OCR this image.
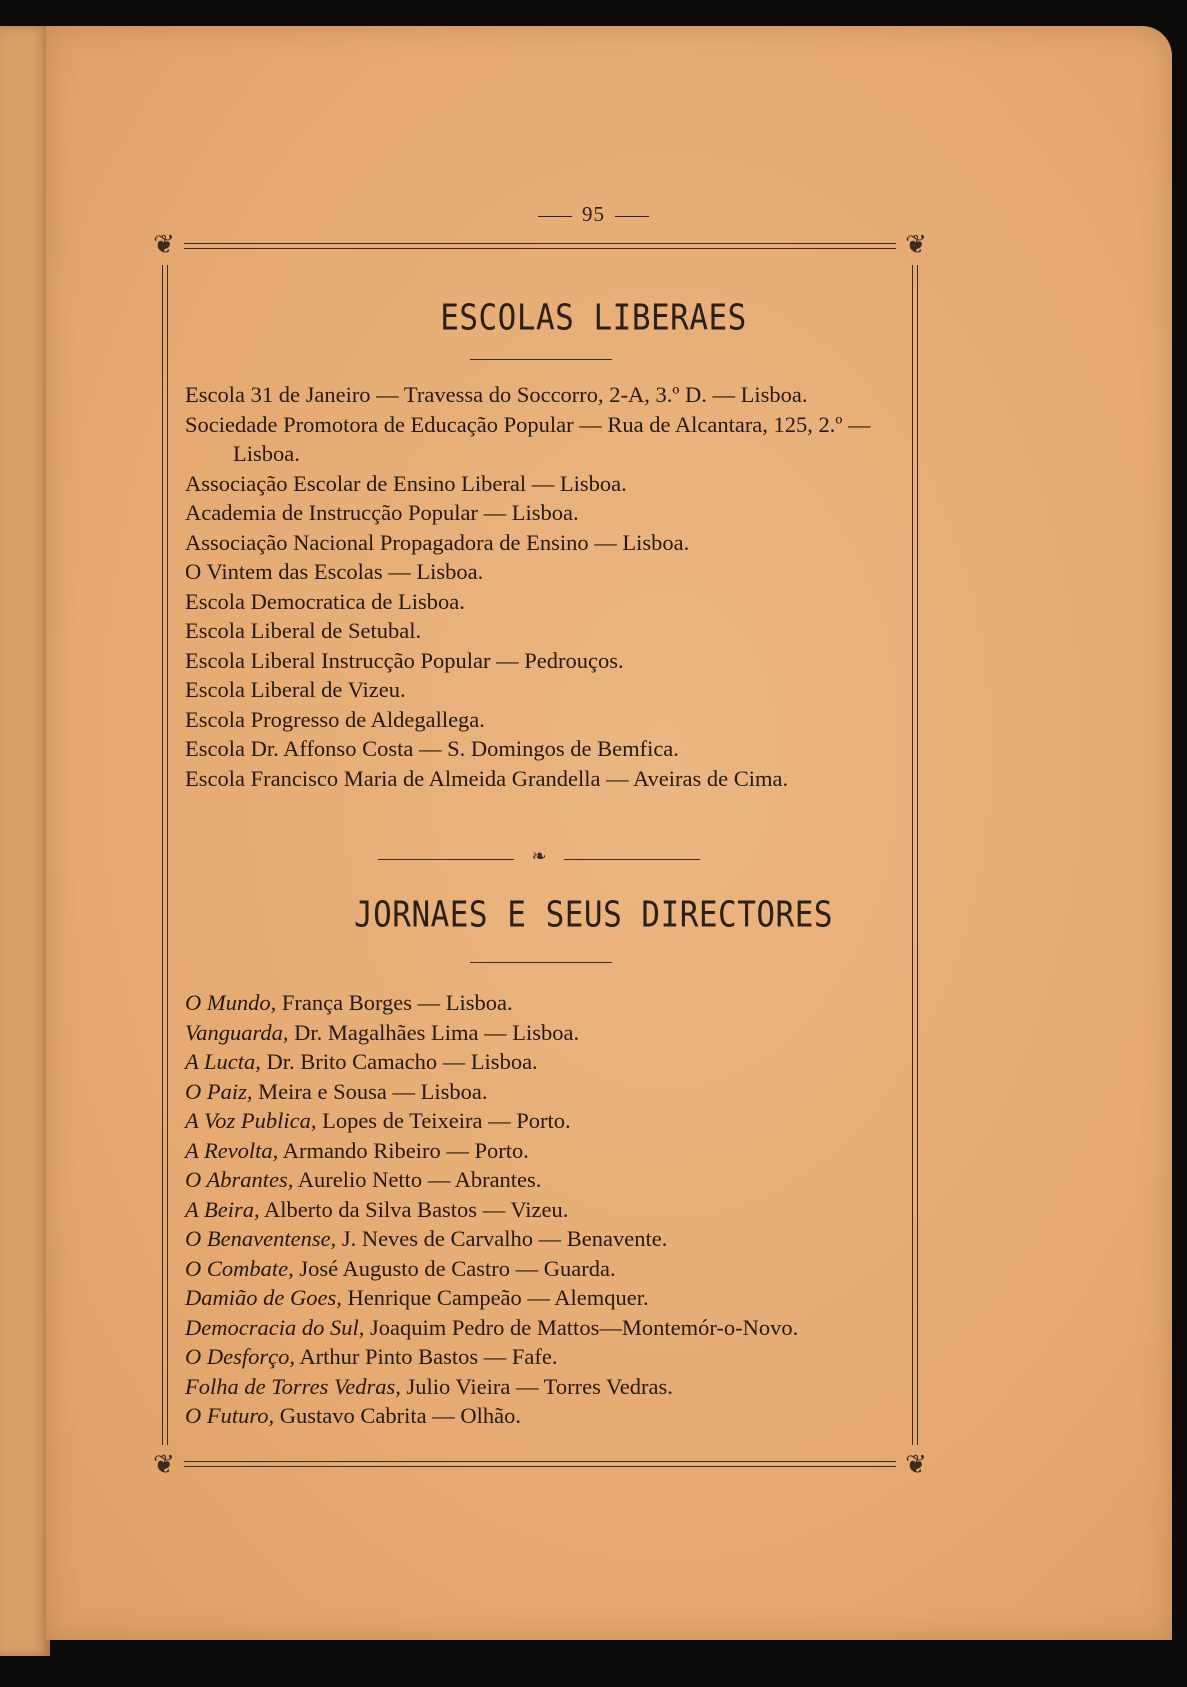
95
❦	❦
❦	❦
ESCOLAS LIBERAES
Escola 31 de Janeiro — Travessa do Soccorro, 2-A, 3.º D. — Lisboa.
Sociedade Promotora de Educação Popular — Rua de Alcantara, 125, 2.º — Lisboa.
Associação Escolar de Ensino Liberal — Lisboa.
Academia de Instrucção Popular — Lisboa.
Associação Nacional Propagadora de Ensino — Lisboa.
O Vintem das Escolas — Lisboa.
Escola Democratica de Lisboa.
Escola Liberal de Setubal.
Escola Liberal Instrucção Popular — Pedrouços.
Escola Liberal de Vizeu.
Escola Progresso de Aldegallega.
Escola Dr. Affonso Costa — S. Domingos de Bemfica.
Escola Francisco Maria de Almeida Grandella — Aveiras de Cima.
❧
JORNAES E SEUS DIRECTORES
O Mundo, França Borges — Lisboa.
Vanguarda, Dr. Magalhães Lima — Lisboa.
A Lucta, Dr. Brito Camacho — Lisboa.
O Paiz, Meira e Sousa — Lisboa.
A Voz Publica, Lopes de Teixeira — Porto.
A Revolta, Armando Ribeiro — Porto.
O Abrantes, Aurelio Netto — Abrantes.
A Beira, Alberto da Silva Bastos — Vizeu.
O Benaventense, J. Neves de Carvalho — Benavente.
O Combate, José Augusto de Castro — Guarda.
Damião de Goes, Henrique Campeão — Alemquer.
Democracia do Sul, Joaquim Pedro de Mattos—Montemór-o-Novo.
O Desforço, Arthur Pinto Bastos — Fafe.
Folha de Torres Vedras, Julio Vieira — Torres Vedras.
O Futuro, Gustavo Cabrita — Olhão.
